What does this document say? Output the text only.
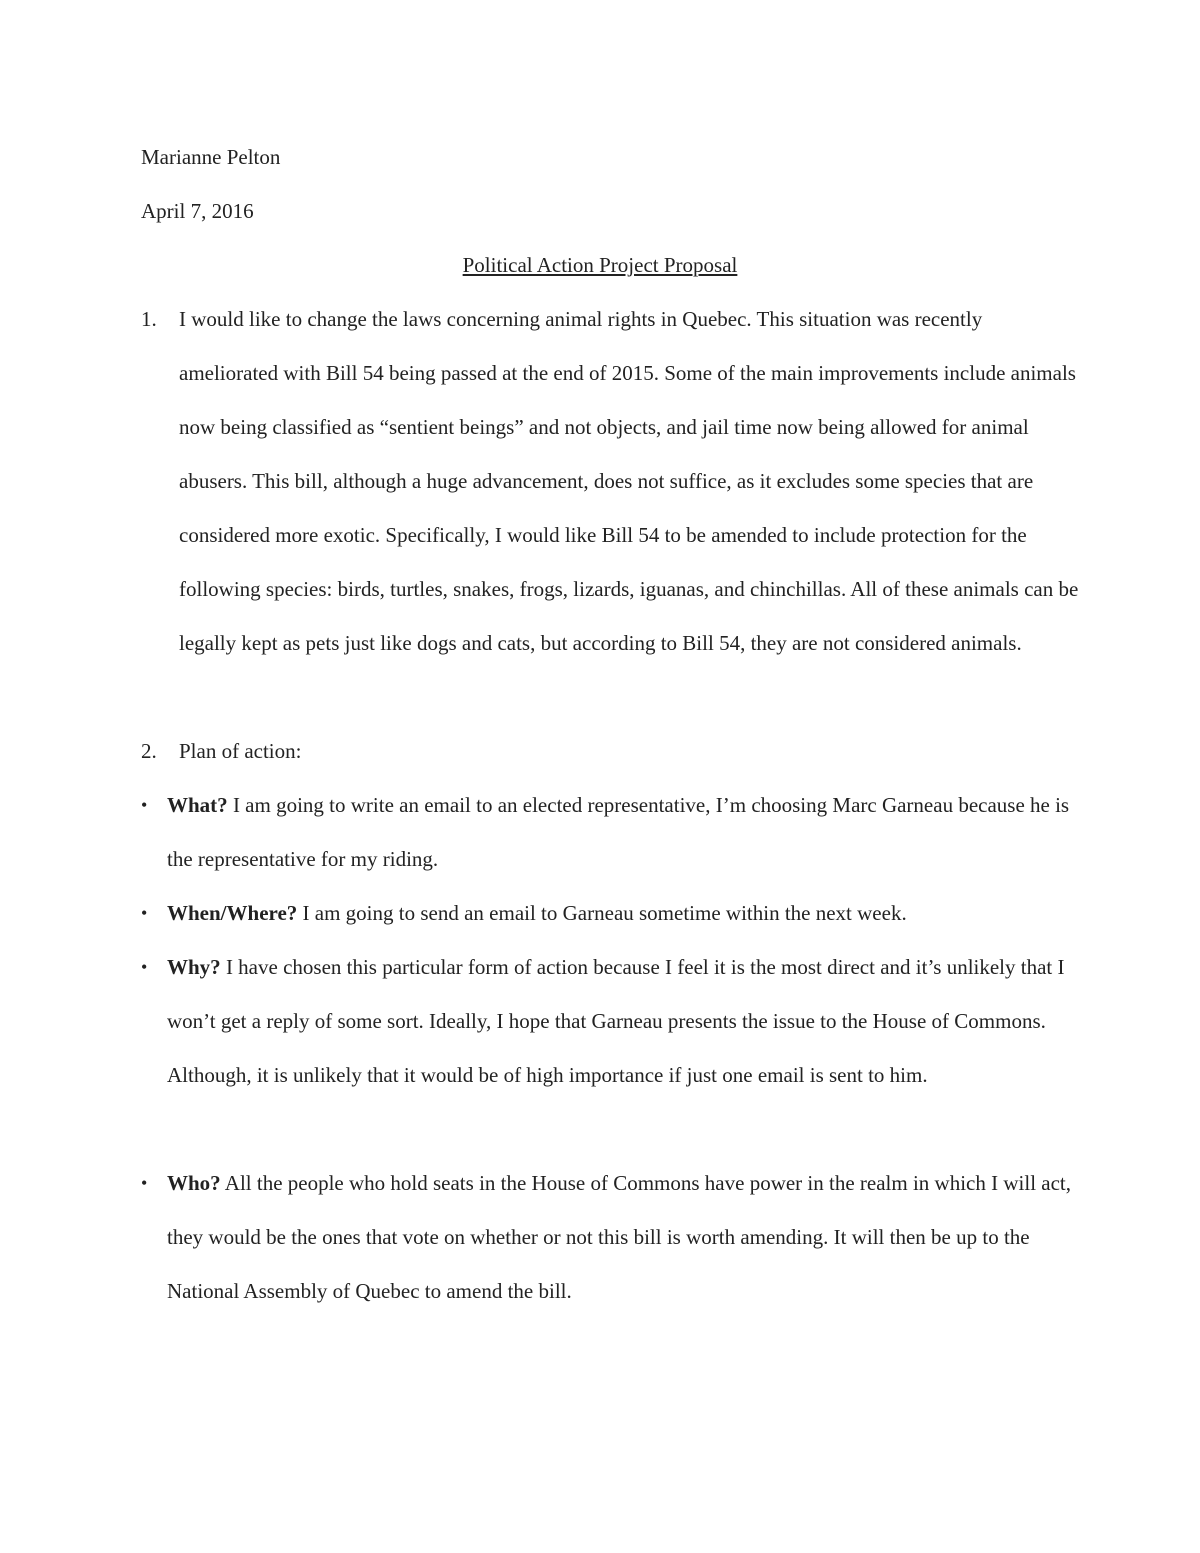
Marianne Pelton
April 7, 2016
Political Action Project Proposal
1. I would like to change the laws concerning animal rights in Quebec. This situation was recently ameliorated with Bill 54 being passed at the end of 2015. Some of the main improvements include animals now being classified as “sentient beings” and not objects, and jail time now being allowed for animal abusers. This bill, although a huge advancement, does not suffice, as it excludes some species that are considered more exotic. Specifically, I would like Bill 54 to be amended to include protection for the following species: birds, turtles, snakes, frogs, lizards, iguanas, and chinchillas. All of these animals can be legally kept as pets just like dogs and cats, but according to Bill 54, they are not considered animals.
2. Plan of action:
• What? I am going to write an email to an elected representative, I’m choosing Marc Garneau because he is the representative for my riding.
• When/Where? I am going to send an email to Garneau sometime within the next week.
• Why? I have chosen this particular form of action because I feel it is the most direct and it’s unlikely that I won’t get a reply of some sort. Ideally, I hope that Garneau presents the issue to the House of Commons. Although, it is unlikely that it would be of high importance if just one email is sent to him.
• Who? All the people who hold seats in the House of Commons have power in the realm in which I will act, they would be the ones that vote on whether or not this bill is worth amending. It will then be up to the National Assembly of Quebec to amend the bill.
